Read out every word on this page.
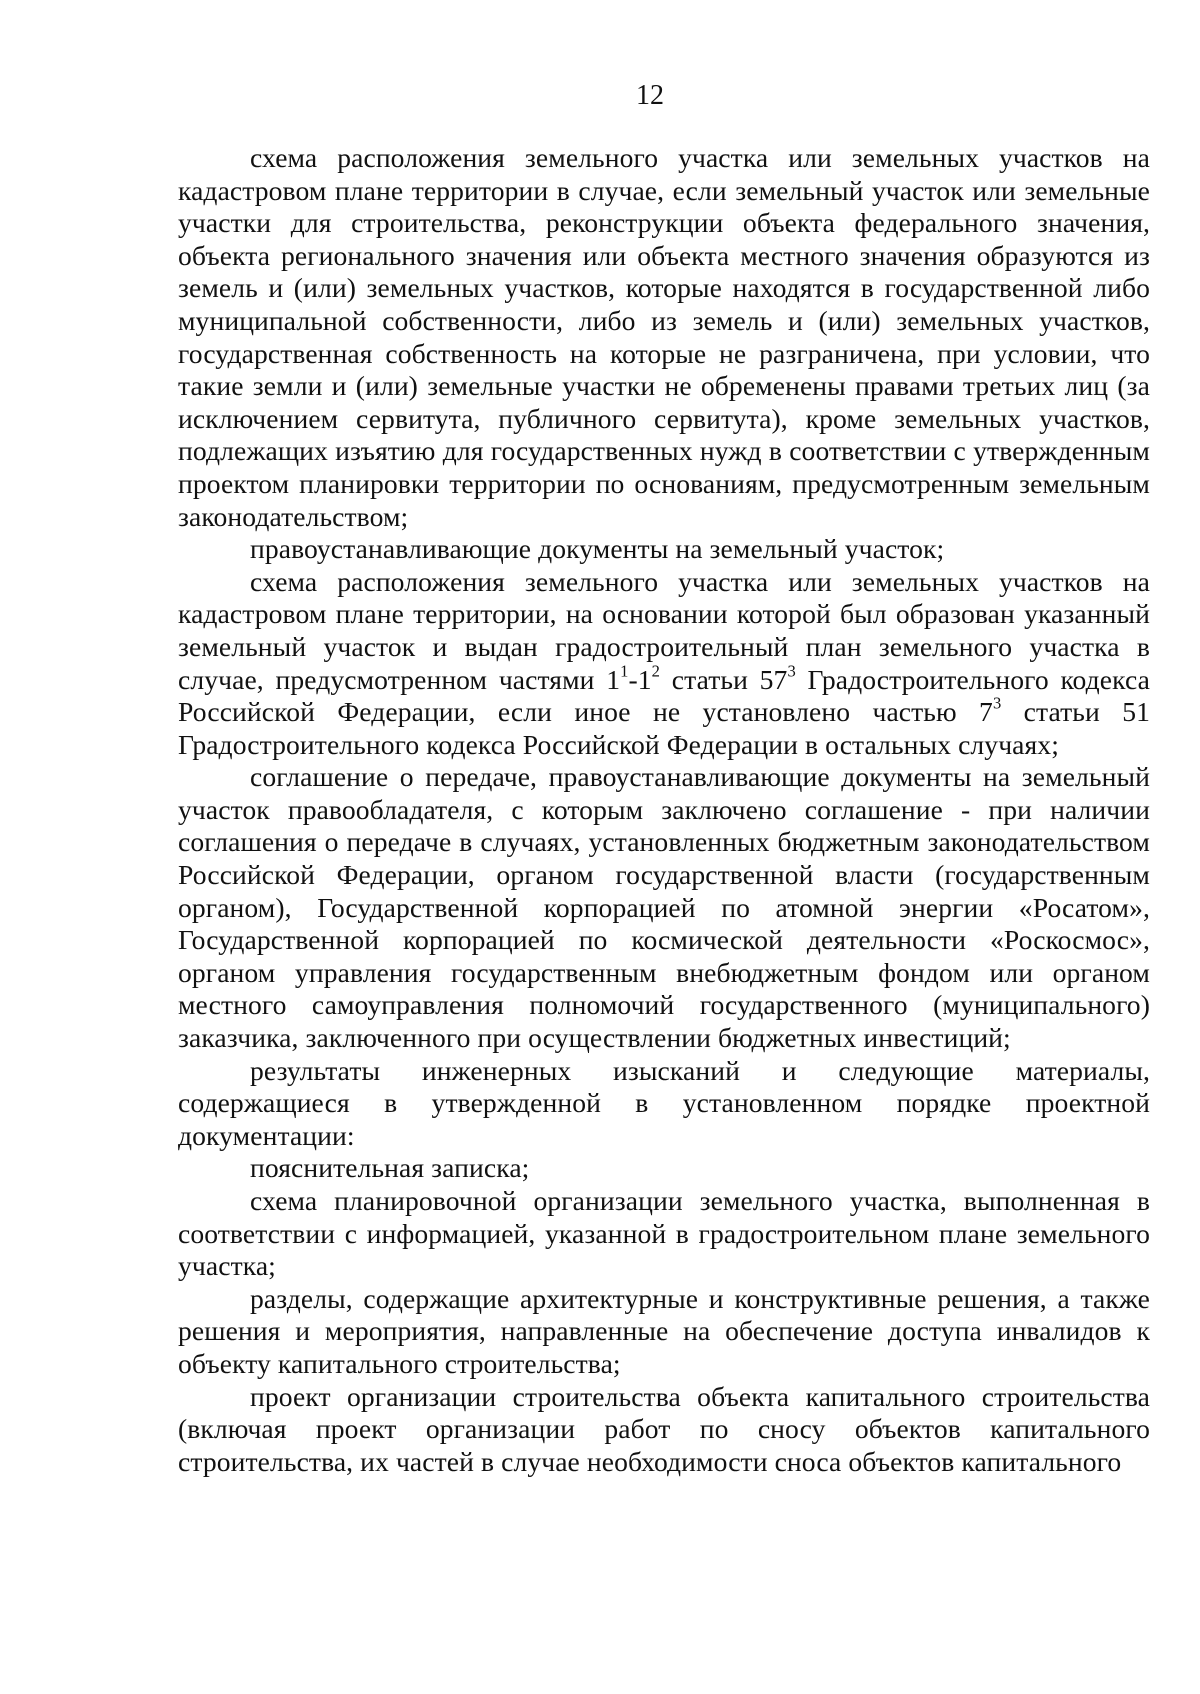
12

схема расположения земельного участка или земельных участков на кадастровом плане территории в случае, если земельный участок или земельные участки для строительства, реконструкции объекта федерального значения, объекта регионального значения или объекта местного значения образуются из земель и (или) земельных участков, которые находятся в государственной либо муниципальной собственности, либо из земель и (или) земельных участков, государственная собственность на которые не разграничена, при условии, что такие земли и (или) земельные участки не обременены правами третьих лиц (за исключением сервитута, публичного сервитута), кроме земельных участков, подлежащих изъятию для государственных нужд в соответствии с утвержденным проектом планировки территории по основаниям, предусмотренным земельным законодательством;

правоустанавливающие документы на земельный участок;

схема расположения земельного участка или земельных участков на кадастровом плане территории, на основании которой был образован указанный земельный участок и выдан градостроительный план земельного участка в случае, предусмотренном частями $1^1-1^2$ статьи $57^3$ Градостроительного кодекса Российской Федерации, если иное не установлено частью $7^3$ статьи 51 Градостроительного кодекса Российской Федерации в остальных случаях;

соглашение о передаче, правоустанавливающие документы на земельный участок правообладателя, с которым заключено соглашение - при наличии соглашения о передаче в случаях, установленных бюджетным законодательством Российской Федерации, органом государственной власти (государственным органом), Государственной корпорацией по атомной энергии «Росатом», Государственной корпорацией по космической деятельности «Роскосмос», органом управления государственным внебюджетным фондом или органом местного самоуправления полномочий государственного (муниципального) заказчика, заключенного при осуществлении бюджетных инвестиций;

результаты инженерных изысканий и следующие материалы, содержащиеся в утвержденной в установленном порядке проектной документации:

пояснительная записка;

схема планировочной организации земельного участка, выполненная в соответствии с информацией, указанной в градостроительном плане земельного участка;

разделы, содержащие архитектурные и конструктивные решения, а также решения и мероприятия, направленные на обеспечение доступа инвалидов к объекту капитального строительства;

проект организации строительства объекта капитального строительства (включая проект организации работ по сносу объектов капитального строительства, их частей в случае необходимости сноса объектов капитального
